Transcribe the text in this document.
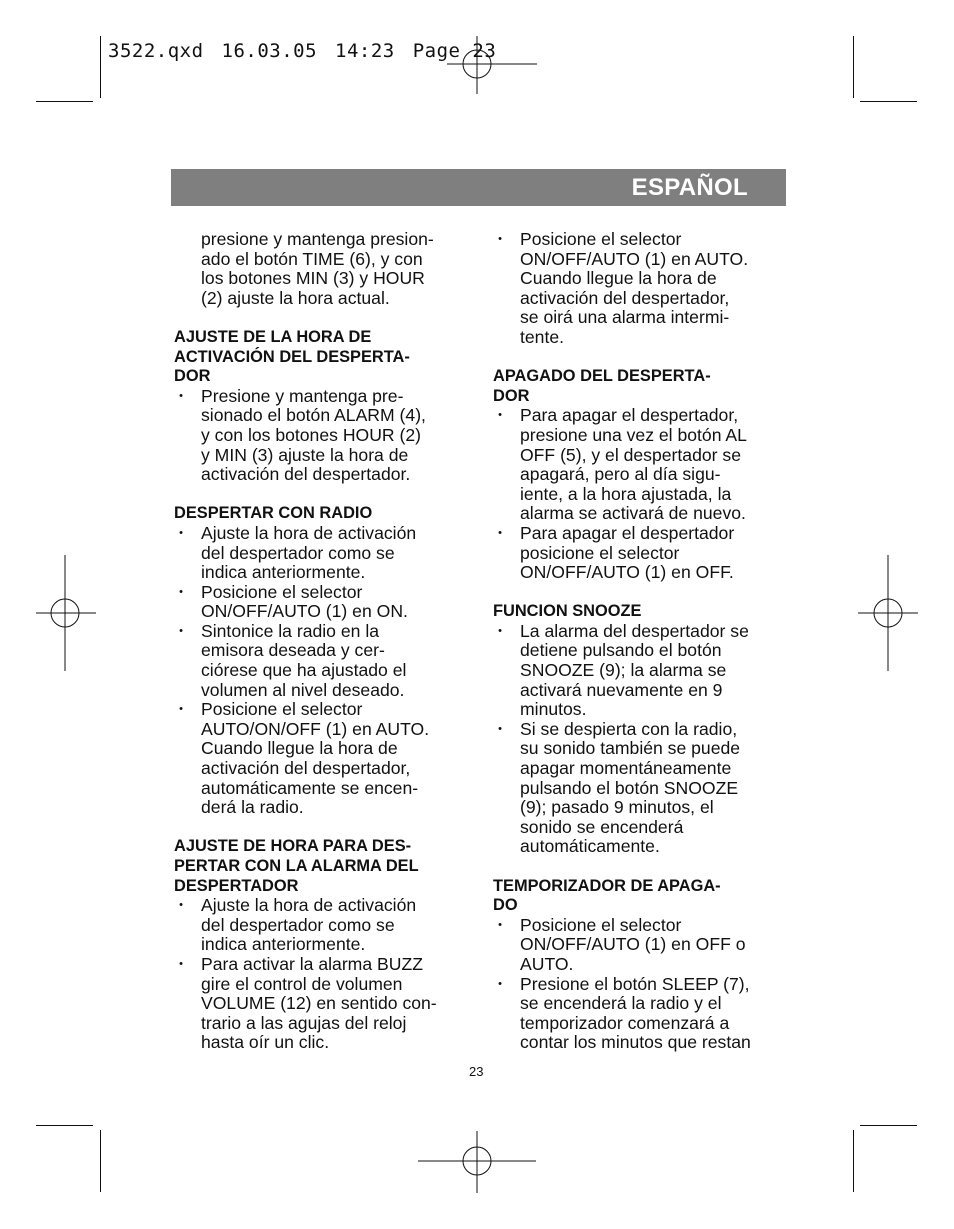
3522.qxd 16.03.05 14:23 Page 23
ESPAÑOL

presione y mantenga presion-
ado el botón TIME (6), y con
los botones MIN (3) y HOUR
(2) ajuste la hora actual.

AJUSTE DE LA HORA DE
ACTIVACIÓN DEL DESPERTA-
DOR

• Presione y mantenga pre-
sionado el botón ALARM (4),
y con los botones HOUR (2)
y MIN (3) ajuste la hora de
activación del despertador.

DESPERTAR CON RADIO

• Ajuste la hora de activación
del despertador como se
indica anteriormente.

• Posicione el selector
ON/OFF/AUTO (1) en ON.

• Sintonice la radio en la
emisora deseada y cer-
ciórese que ha ajustado el
volumen al nivel deseado.

• Posicione el selector
AUTO/ON/OFF (1) en AUTO.
Cuando llegue la hora de
activación del despertador,
automáticamente se encen-
derá la radio.

AJUSTE DE HORA PARA DES-
PERTAR CON LA ALARMA DEL
DESPERTADOR

• Ajuste la hora de activación
del despertador como se
indica anteriormente.

• Para activar la alarma BUZZ
gire el control de volumen
VOLUME (12) en sentido con-
trario a las agujas del reloj
hasta oír un clic.

• Posicione el selector
ON/OFF/AUTO (1) en AUTO.
Cuando llegue la hora de
activación del despertador,
se oirá una alarma intermi-
tente.

APAGADO DEL DESPERTA-
DOR

• Para apagar el despertador,
presione una vez el botón AL
OFF (5), y el despertador se
apagará, pero al día sigu-
iente, a la hora ajustada, la
alarma se activará de nuevo.

• Para apagar el despertador
posicione el selector
ON/OFF/AUTO (1) en OFF.

FUNCION SNOOZE

• La alarma del despertador se
detiene pulsando el botón
SNOOZE (9); la alarma se
activará nuevamente en 9
minutos.

• Si se despierta con la radio,
su sonido también se puede
apagar momentáneamente
pulsando el botón SNOOZE
(9); pasado 9 minutos, el
sonido se encenderá
automáticamente.

TEMPORIZADOR DE APAGA-
DO

• Posicione el selector
ON/OFF/AUTO (1) en OFF o
AUTO.

• Presione el botón SLEEP (7),
se encenderá la radio y el
temporizador comenzará a
contar los minutos que restan

23
